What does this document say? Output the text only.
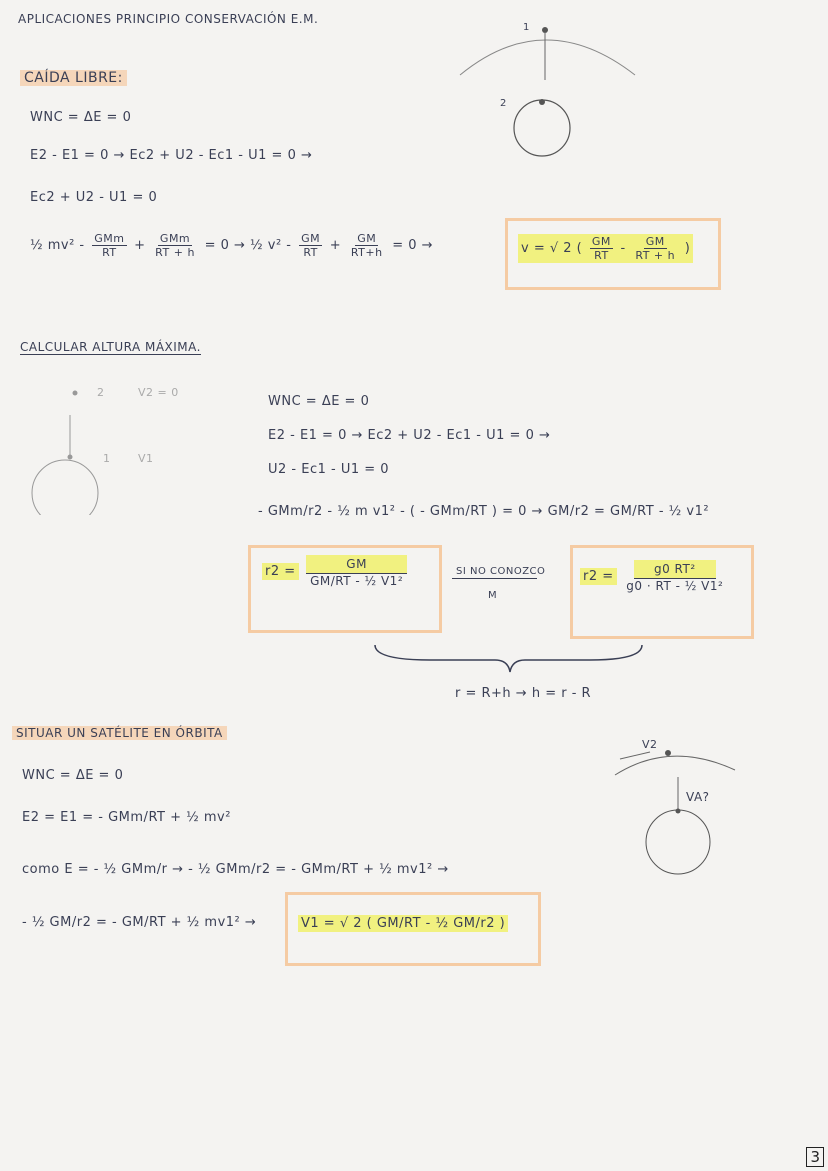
APLICACIONES PRINCIPIO CONSERVACIÓN E.M.
1
2
CAÍDA LIBRE:
WNC = ΔE = 0
E2 - E1 = 0 → Ec2 + U2 - Ec1 - U1 = 0 →
Ec2 + U2 - U1 = 0
½ $mv^2 - \frac{\text{GMm}}{RT} + \frac{\text{GMm}}{RT + h} = 0$ → ½ $v^2 - \frac{GM}{RT} + \frac{GM}{RT+h} = 0$ →	v = √ 2 ( $\frac{GM}{RT} - \frac{GM}{RT + h}$ )
CALCULAR ALTURA MÁXIMA.
2	V2 = 0
1	V1
WNC = ΔE = 0
E2 - E1 = 0 → Ec2 + U2 - Ec1 - U1 = 0 →
U2 - Ec1 - U1 = 0
- GMm/r2 - ½ m v1² - ( - GMm/RT ) = 0 → GM/r2 = GM/RT - ½ v1²
$r2 = \frac{GM}{\text{GM/RT - ½ V1²}}$	SI NO CONOZCO
M
$r2 = \frac{\text{g0 RT²}}{\text{g0 · RT - ½ V1²}}$
r = R+h → h = r - R
SITUAR UN SATÉLITE EN ÓRBITA
V2
VA?
WNC = ΔE = 0
E2 = E1 = - GMm/RT + ½ mv²
como E = - ½ GMm/r → - ½ GMm/r2 = - GMm/RT + ½ mv1² →
- ½ GM/r2 = - GM/RT + ½ mv1² →	V1 = √ 2 ( GM/RT - ½ GM/r2 )
3
